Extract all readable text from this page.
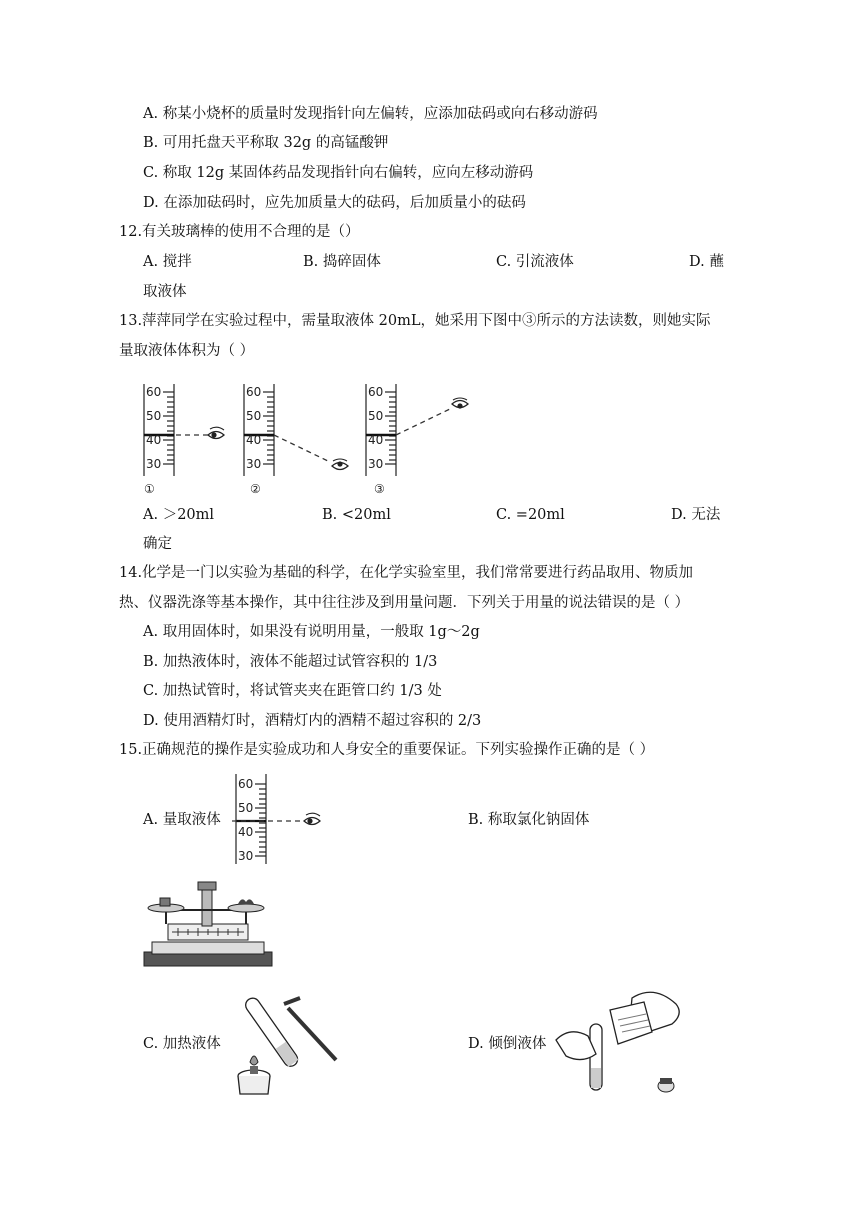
A. 称某小烧杯的质量时发现指针向左偏转，应添加砝码或向右移动游码
B. 可用托盘天平称取 32g 的高锰酸钾
C. 称取 12g 某固体药品发现指针向右偏转，应向左移动游码
D. 在添加砝码时，应先加质量大的砝码，后加质量小的砝码
12.有关玻璃棒的使用不合理的是（）
A. 搅拌	B. 捣碎固体	C. 引流液体	D. 蘸
取液体
13.萍萍同学在实验过程中，需量取液体 20mL，她采用下图中③所示的方法读数，则她实际
量取液体体积为（ ）
60
50
40
30
①
60
50
40
30
②
60
50
40
30
③
A. ＞20ml	B. <20ml	C. =20ml	D. 无法
确定
14.化学是一门以实验为基础的科学，在化学实验室里，我们常常要进行药品取用、物质加
热、仪器洗涤等基本操作，其中往往涉及到用量问题．下列关于用量的说法错误的是（ ）
A. 取用固体时，如果没有说明用量，一般取 1g～2g
B. 加热液体时，液体不能超过试管容积的 1/3
C. 加热试管时，将试管夹夹在距管口约 1/3 处
D. 使用酒精灯时，酒精灯内的酒精不超过容积的 2/3
15.正确规范的操作是实验成功和人身安全的重要保证。下列实验操作正确的是（ ）
A. 量取液体	B. 称取氯化钠固体
60
50
40
30
C. 加热液体	D. 倾倒液体
